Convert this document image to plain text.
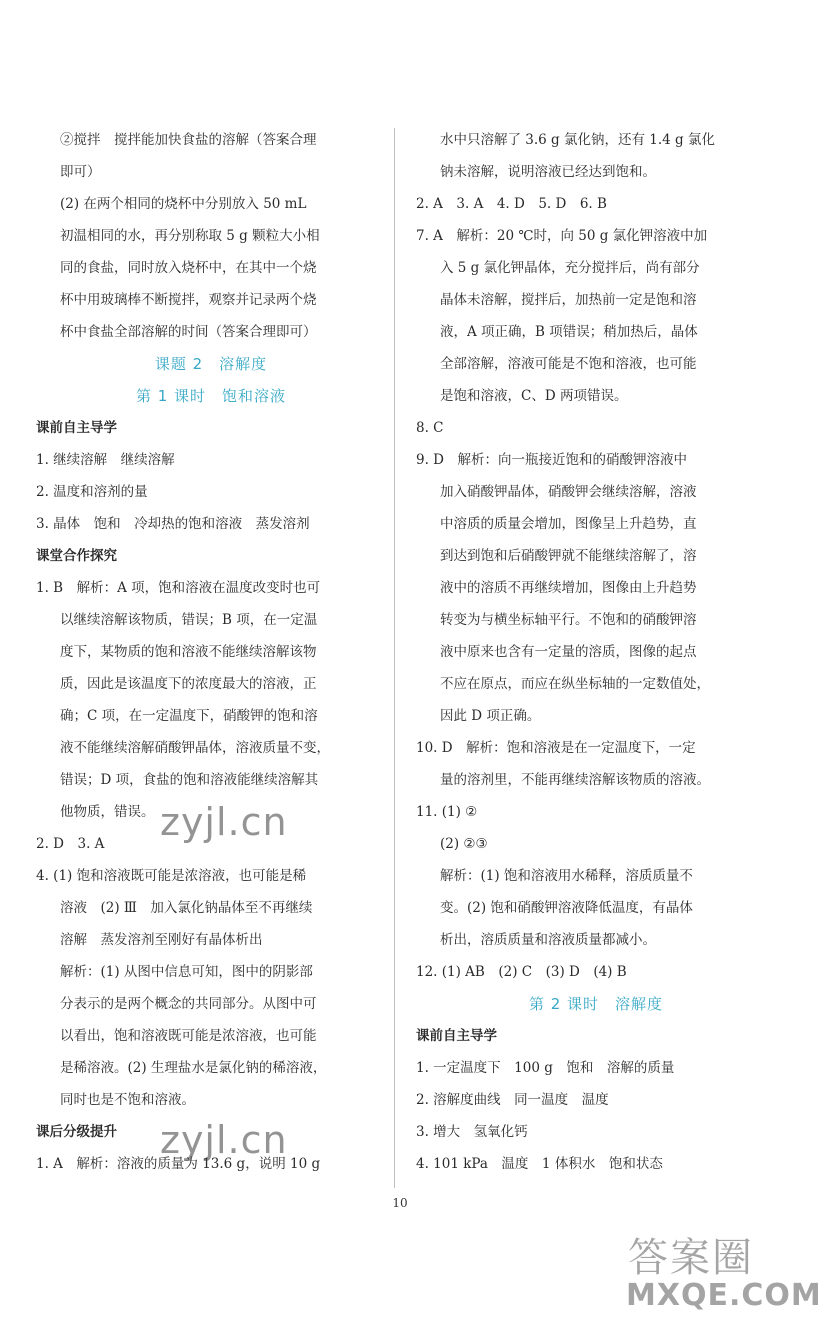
②搅拌　搅拌能加快食盐的溶解（答案合理
即可）
(2) 在两个相同的烧杯中分别放入 50 mL
初温相同的水，再分别称取 5 g 颗粒大小相
同的食盐，同时放入烧杯中，在其中一个烧
杯中用玻璃棒不断搅拌，观察并记录两个烧
杯中食盐全部溶解的时间（答案合理即可）
课题 2　溶解度
第 1 课时　饱和溶液
课前自主导学
1. 继续溶解　继续溶解
2. 温度和溶剂的量
3. 晶体　饱和　冷却热的饱和溶液　蒸发溶剂
课堂合作探究
1. B　解析：A 项，饱和溶液在温度改变时也可
以继续溶解该物质，错误；B 项，在一定温
度下，某物质的饱和溶液不能继续溶解该物
质，因此是该温度下的浓度最大的溶液，正
确；C 项，在一定温度下，硝酸钾的饱和溶
液不能继续溶解硝酸钾晶体，溶液质量不变，
错误；D 项，食盐的饱和溶液能继续溶解其
他物质，错误。
2. D　3. A
4. (1) 饱和溶液既可能是浓溶液，也可能是稀
溶液　(2) Ⅲ　加入氯化钠晶体至不再继续
溶解　蒸发溶剂至刚好有晶体析出
解析：(1) 从图中信息可知，图中的阴影部
分表示的是两个概念的共同部分。从图中可
以看出，饱和溶液既可能是浓溶液，也可能
是稀溶液。(2) 生理盐水是氯化钠的稀溶液，
同时也是不饱和溶液。
课后分级提升
1. A　解析：溶液的质量为 13.6 g，说明 10 g
水中只溶解了 3.6 g 氯化钠，还有 1.4 g 氯化
钠未溶解，说明溶液已经达到饱和。
2. A　3. A　4. D　5. D　6. B
7. A　解析：20 ℃时，向 50 g 氯化钾溶液中加
入 5 g 氯化钾晶体，充分搅拌后，尚有部分
晶体未溶解，搅拌后，加热前一定是饱和溶
液，A 项正确，B 项错误；稍加热后，晶体
全部溶解，溶液可能是不饱和溶液，也可能
是饱和溶液，C、D 两项错误。
8. C
9. D　解析：向一瓶接近饱和的硝酸钾溶液中
加入硝酸钾晶体，硝酸钾会继续溶解，溶液
中溶质的质量会增加，图像呈上升趋势，直
到达到饱和后硝酸钾就不能继续溶解了，溶
液中的溶质不再继续增加，图像由上升趋势
转变为与横坐标轴平行。不饱和的硝酸钾溶
液中原来也含有一定量的溶质，图像的起点
不应在原点，而应在纵坐标轴的一定数值处，
因此 D 项正确。
10. D　解析：饱和溶液是在一定温度下，一定
量的溶剂里，不能再继续溶解该物质的溶液。
11. (1) ②
(2) ②③
解析：(1) 饱和溶液用水稀释，溶质质量不
变。(2) 饱和硝酸钾溶液降低温度，有晶体
析出，溶质质量和溶液质量都减小。
12. (1) AB　(2) C　(3) D　(4) B
第 2 课时　溶解度
课前自主导学
1. 一定温度下　100 g　饱和　溶解的质量
2. 溶解度曲线　同一温度　温度
3. 增大　氢氧化钙
4. 101 kPa　温度　1 体积水　饱和状态
10
zyjl.cn
zyjl.cn
答案圈
MXQE.COM
